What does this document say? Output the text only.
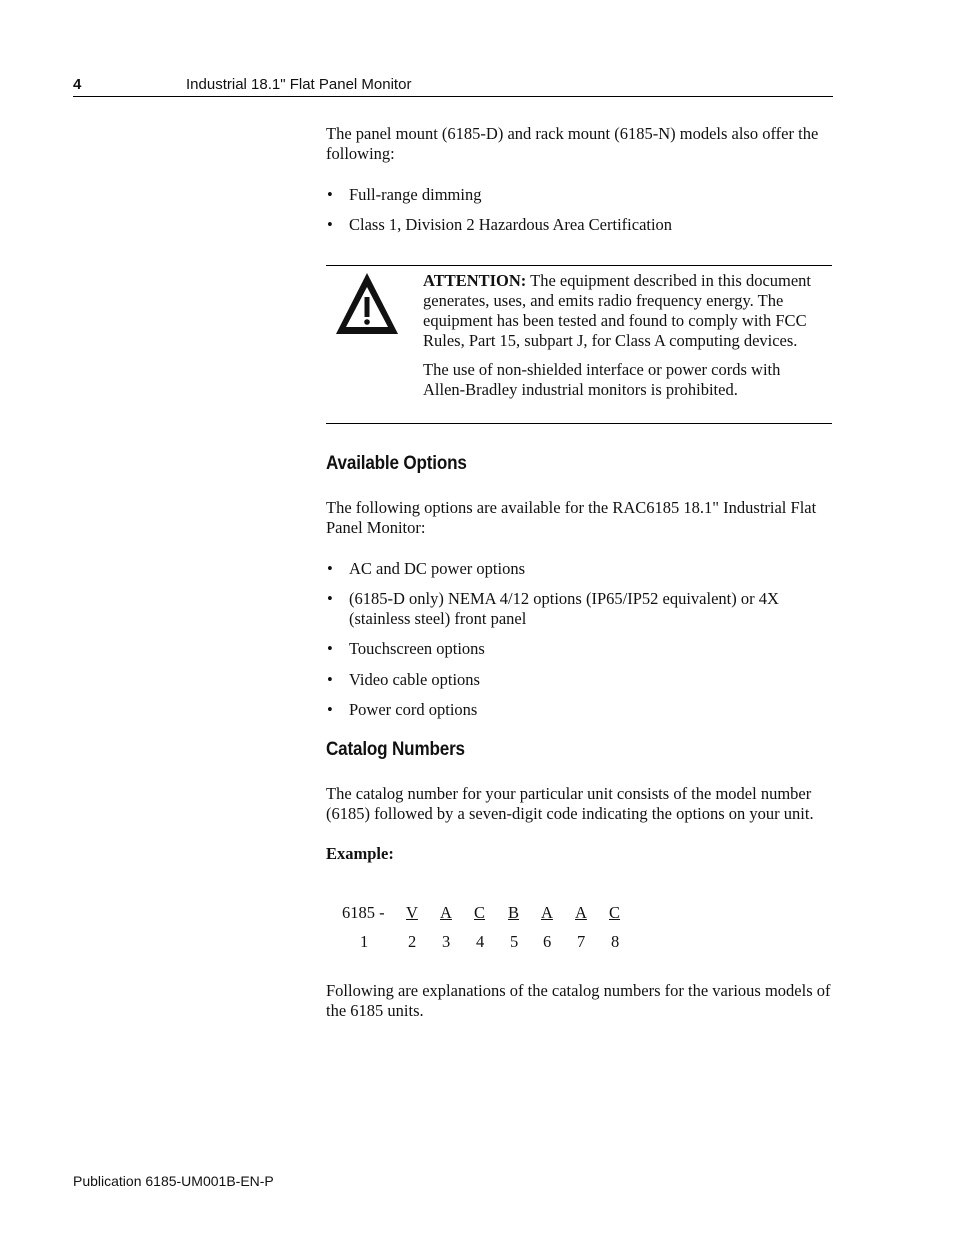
4	Industrial 18.1" Flat Panel Monitor

The panel mount (6185-D) and rack mount (6185-N) models also offer the following:

• Full-range dimming
• Class 1, Division 2 Hazardous Area Certification

ATTENTION: The equipment described in this document generates, uses, and emits radio frequency energy. The equipment has been tested and found to comply with FCC Rules, Part 15, subpart J, for Class A computing devices.

The use of non-shielded interface or power cords with Allen-Bradley industrial monitors is prohibited.

Available Options

The following options are available for the RAC6185 18.1" Industrial Flat Panel Monitor:

• AC and DC power options
• (6185-D only) NEMA 4/12 options (IP65/IP52 equivalent) or 4X (stainless steel) front panel
• Touchscreen options
• Video cable options
• Power cord options
Catalog Numbers

The catalog number for your particular unit consists of the model number (6185) followed by a seven-digit code indicating the options on your unit.

Example:

6185 - V A C B A A C
1 2 3 4 5 6 7 8

Following are explanations of the catalog numbers for the various models of the 6185 units.

Publication 6185-UM001B-EN-P
